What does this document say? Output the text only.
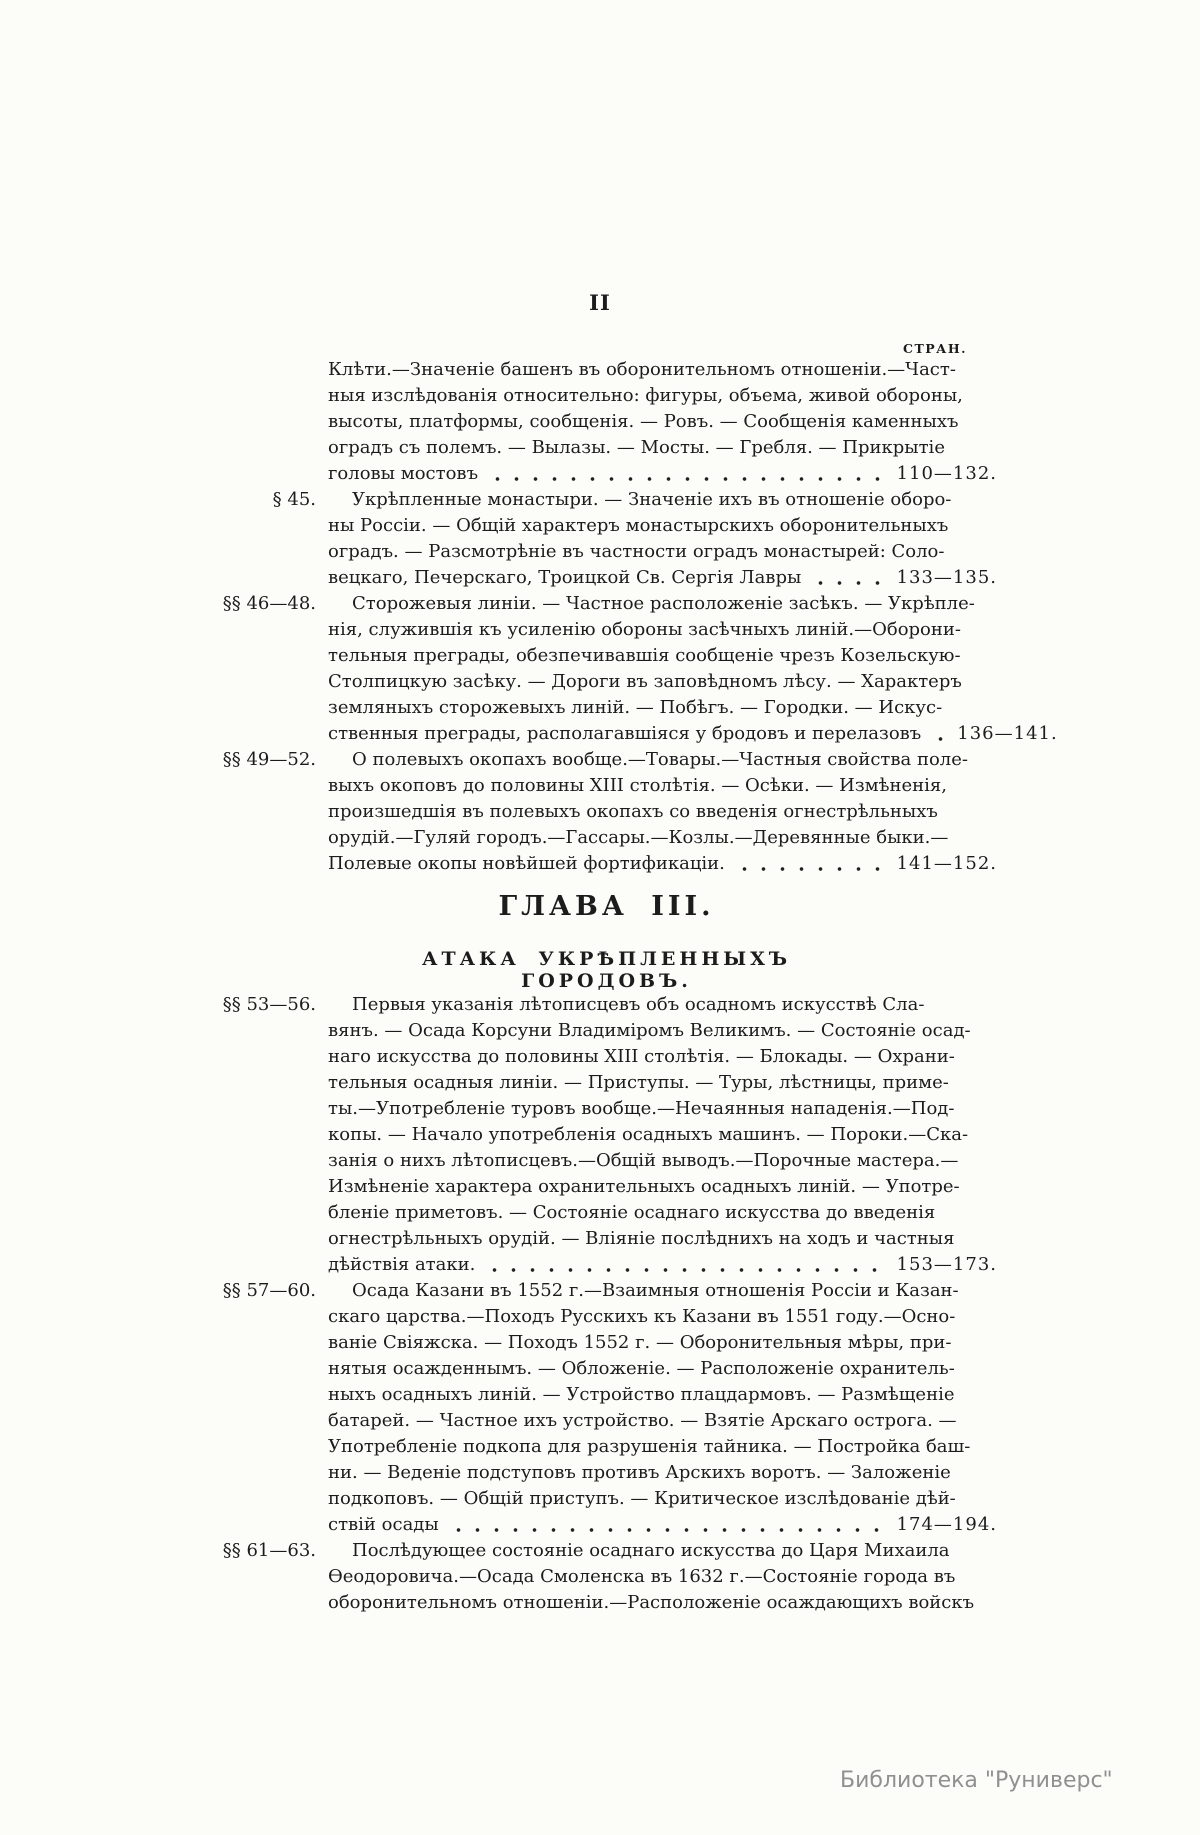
II
СТРАН.
Клѣти.—Значеніе башенъ въ оборонительномъ отношеніи.—Част-
ныя изслѣдованія относительно: фигуры, объема, живой обороны,
высоты, платформы, сообщенія. — Ровъ. — Сообщенія каменныхъ
оградъ съ полемъ. — Вылазы. — Мосты. — Гребля. — Прикрытіе
головы мостовъ	110—132.
§ 45.	Укрѣпленные монастыри. — Значеніе ихъ въ отношеніе оборо-
ны Россіи. — Общій характеръ монастырскихъ оборонительныхъ
оградъ. — Разсмотрѣніе въ частности оградъ монастырей: Соло-
вецкаго, Печерскаго, Троицкой Св. Сергія Лавры	133—135.
§§ 46—48.	Сторожевыя линіи. — Частное расположеніе засѣкъ. — Укрѣпле-
нія, служившія къ усиленію обороны засѣчныхъ линій.—Оборони-
тельныя преграды, обезпечивавшія сообщеніе чрезъ Козельскую-
Столпицкую засѣку. — Дороги въ заповѣдномъ лѣсу. — Характеръ
земляныхъ сторожевыхъ линій. — Побѣгъ. — Городки. — Искус-
ственныя преграды, располагавшіяся у бродовъ и перелазовъ 136—141.
§§ 49—52.	О полевыхъ окопахъ вообще.—Товары.—Частныя свойства поле-
выхъ окоповъ до половины XIII столѣтія. — Осѣки. — Измѣненія,
произшедшія въ полевыхъ окопахъ со введенія огнестрѣльныхъ
орудій.—Гуляй городъ.—Гассары.—Козлы.—Деревянные быки.—
Полевые окопы новѣйшей фортификаціи.	141—152.
ГЛАВА III.
АТАКА УКРѢПЛЕННЫХЪ ГОРОДОВЪ.
§§ 53—56.	Первыя указанія лѣтописцевъ объ осадномъ искусствѣ Сла-
вянъ. — Осада Корсуни Владиміромъ Великимъ. — Состояніе осад-
наго искусства до половины XIII столѣтія. — Блокады. — Охрани-
тельныя осадныя линіи. — Приступы. — Туры, лѣстницы, приме-
ты.—Употребленіе туровъ вообще.—Нечаянныя нападенія.—Под-
копы. — Начало употребленія осадныхъ машинъ. — Пороки.—Ска-
занія о нихъ лѣтописцевъ.—Общій выводъ.—Порочные мастера.—
Измѣненіе характера охранительныхъ осадныхъ линій. — Употре-
бленіе приметовъ. — Состояніе осаднаго искусства до введенія
огнестрѣльныхъ орудій. — Вліяніе послѣднихъ на ходъ и частныя
дѣйствія атаки.	153—173.
§§ 57—60.	Осада Казани въ 1552 г.—Взаимныя отношенія Россіи и Казан-
скаго царства.—Походъ Русскихъ къ Казани въ 1551 году.—Осно-
ваніе Свіяжска. — Походъ 1552 г. — Оборонительныя мѣры, при-
нятыя осажденнымъ. — Обложеніе. — Расположеніе охранитель-
ныхъ осадныхъ линій. — Устройство плацдармовъ. — Размѣщеніе
батарей. — Частное ихъ устройство. — Взятіе Арскаго острога. —
Употребленіе подкопа для разрушенія тайника. — Постройка баш-
ни. — Веденіе подступовъ противъ Арскихъ воротъ. — Заложеніе
подкоповъ. — Общій приступъ. — Критическое изслѣдованіе дѣй-
ствій осады	174—194.
§§ 61—63.	Послѣдующее состояніе осаднаго искусства до Царя Михаила
Ѳеодоровича.—Осада Смоленска въ 1632 г.—Состояніе города въ
оборонительномъ отношеніи.—Расположеніе осаждающихъ войскъ
Библиотека "Руниверс"
